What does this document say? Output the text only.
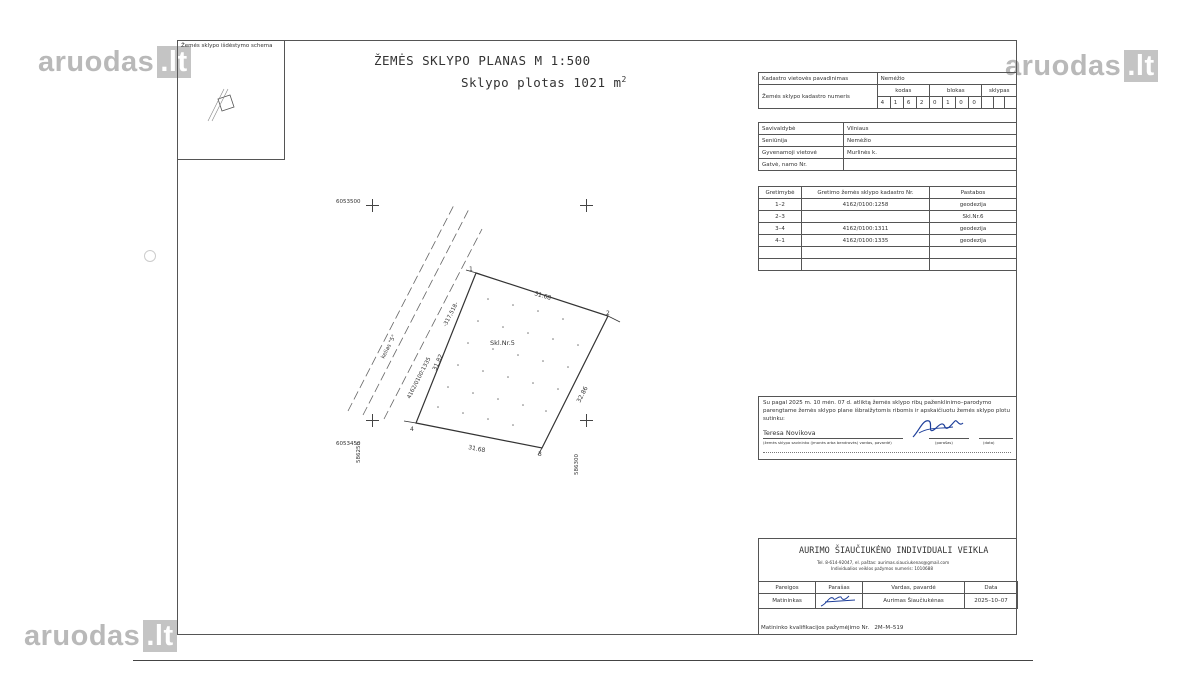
aruodas .lt	aruodas .lt
aruodas .lt
Žemės sklypo išdėstymo schema
ŽEMĖS SKLYPO PLANAS M 1:500
Sklypo plotas 1021 $m^2$	Kadastro vietovės pavadinimas	Nemėžio										
Žemės sklypo kadastro numeris	kodas				blokas				sklypas		
	4	1	6	2	0	1	0	0			
Savivaldybė	Vilniaus
Seniūnija	Nemėžio
Gyvenamoji vietovė	Murlinės k.
Gatvė, namo Nr.	
Gretimybė	Gretimo žemės sklypo kadastro Nr.	Pastabos
1–2	4162/0100:1258	geodezija
2–3		Skl.Nr.6
3–4	4162/0100:1311	geodezija
4–1	4162/0100:1335	geodezija

1
2
3
4
31.68
32.86
31.68
31.82
Skl.Nr.5
kelias "5"
-317,518-
4162/0100:1335
6053500
6053450
586250
586300
Su pagal 2025 m. 10 mėn. 07 d. atliktą žemės sklypo ribų paženklinimo–parodymo
parengtame žemės sklypo plane išbraižytomis ribomis ir apskaičiuotu žemės sklypo plotu
sutinku:
Teresa Novikova
(žemės sklypo savininko (įmonės arba bendrovės) vardas, pavardė)	(parašas)	(data)
AURIMO ŠIAUČIUKĖNO INDIVIDUALI VEIKLA
Tel. 8-614-92047, el. paštas: aurimas.siauciukenas@gmail.com
Individualios veiklos pažymos numeris: 1010688
Pareigos	Parašas	Vardas, pavardė	Data
Matininkas		Aurimas Šiaučiukėnas	2025–10–07
Matininko kvalifikacijos pažymėjimo Nr. 2M–M–519
